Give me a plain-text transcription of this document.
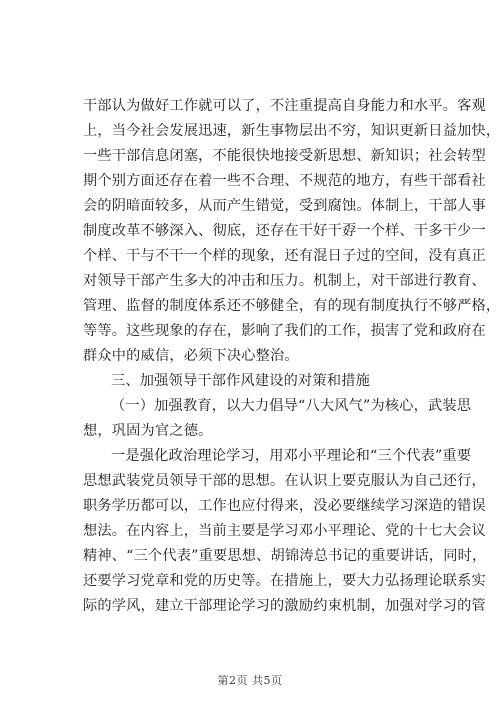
干部认为做好工作就可以了，不注重提高自身能力和水平。客观
上，当今社会发展迅速，新生事物层出不穷，知识更新日益加快，
一些干部信息闭塞，不能很快地接受新思想、新知识；社会转型
期个别方面还存在着一些不合理、不规范的地方，有些干部看社
会的阴暗面较多，从而产生错觉，受到腐蚀。体制上，干部人事
制度改革不够深入、彻底，还存在干好干孬一个样、干多干少一
个样、干与不干一个样的现象，还有混日子过的空间，没有真正
对领导干部产生多大的冲击和压力。机制上，对干部进行教育、
管理、监督的制度体系还不够健全，有的现有制度执行不够严格，
等等。这些现象的存在，影响了我们的工作，损害了党和政府在
群众中的威信，必须下决心整治。
三、加强领导干部作风建设的对策和措施
（一）加强教育，以大力倡导“八大风气”为核心，武装思
想，巩固为官之德。
一是强化政治理论学习，用邓小平理论和“三个代表”重要
思想武装党员领导干部的思想。在认识上要克服认为自己还行，
职务学历都可以，工作也应付得来，没必要继续学习深造的错误
想法。在内容上，当前主要是学习邓小平理论、党的十七大会议
精神、“三个代表”重要思想、胡锦涛总书记的重要讲话，同时，
还要学习党章和党的历史等。在措施上，要大力弘扬理论联系实
际的学风，建立干部理论学习的激励约束机制，加强对学习的管
第2页 共5页
